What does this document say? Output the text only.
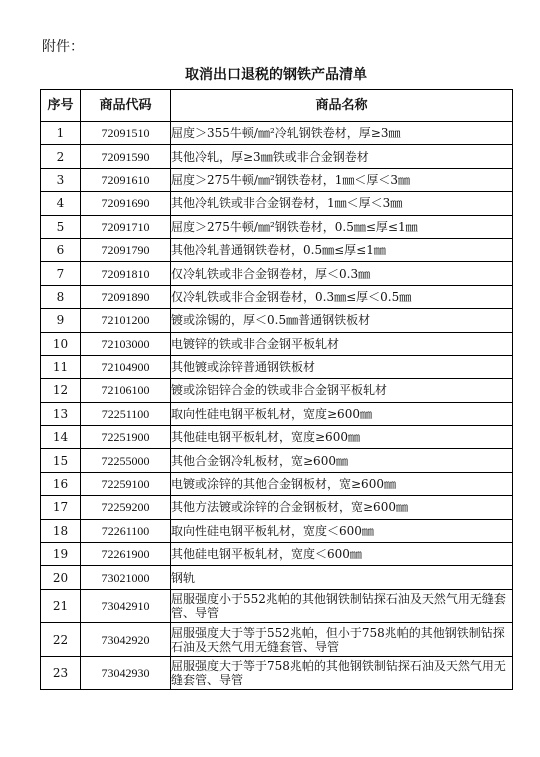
附件：

取消出口退税的钢铁产品清单
序号	商品代码	商品名称
1	72091510	屈度＞355牛顿/㎜²冷轧钢铁卷材，厚≥3㎜
2	72091590	其他冷轧，厚≥3㎜铁或非合金钢卷材
3	72091610	屈度＞275牛顿/㎜²钢铁卷材，1㎜＜厚＜3㎜
4	72091690	其他冷轧铁或非合金钢卷材，1㎜＜厚＜3㎜
5	72091710	屈度＞275牛顿/㎜²钢铁卷材，0.5㎜≤厚≤1㎜
6	72091790	其他冷轧普通钢铁卷材，0.5㎜≤厚≤1㎜
7	72091810	仅冷轧铁或非合金钢卷材，厚＜0.3㎜
8	72091890	仅冷轧铁或非合金钢卷材，0.3㎜≤厚＜0.5㎜
9	72101200	镀或涂锡的，厚＜0.5㎜普通钢铁板材
10	72103000	电镀锌的铁或非合金钢平板轧材
11	72104900	其他镀或涂锌普通钢铁板材
12	72106100	镀或涂铝锌合金的铁或非合金钢平板轧材
13	72251100	取向性硅电钢平板轧材，宽度≥600㎜
14	72251900	其他硅电钢平板轧材，宽度≥600㎜
15	72255000	其他合金钢冷轧板材，宽≥600㎜
16	72259100	电镀或涂锌的其他合金钢板材，宽≥600㎜
17	72259200	其他方法镀或涂锌的合金钢板材，宽≥600㎜
18	72261100	取向性硅电钢平板轧材，宽度＜600㎜
19	72261900	其他硅电钢平板轧材，宽度＜600㎜
20	73021000	钢轨
21	73042910	屈服强度小于552兆帕的其他钢铁制钻探石油及天然气用无缝套管、导管
22	73042920	屈服强度大于等于552兆帕，但小于758兆帕的其他钢铁制钻探石油及天然气用无缝套管、导管
23	73042930	屈服强度大于等于758兆帕的其他钢铁制钻探石油及天然气用无缝套管、导管
